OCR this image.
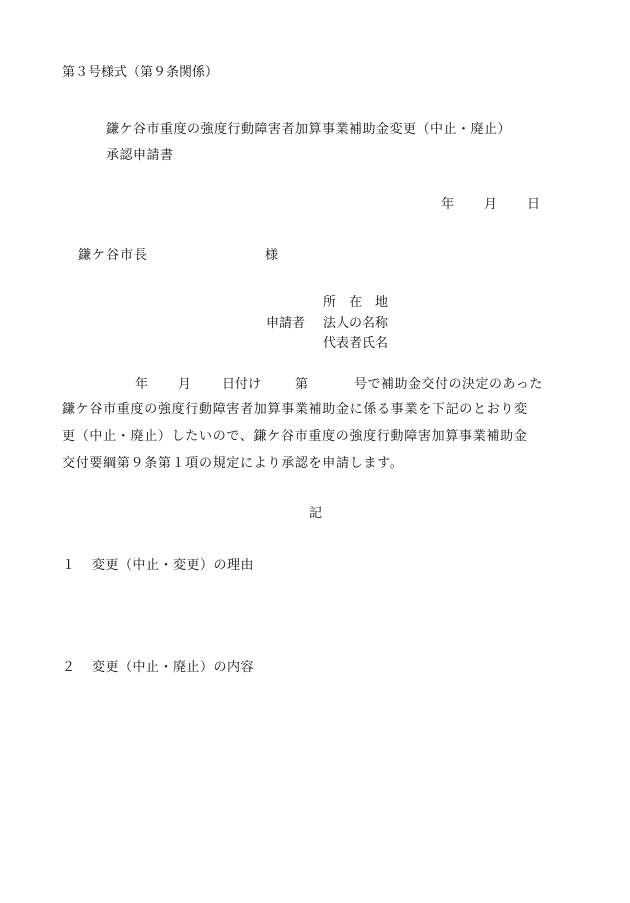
第３号様式（第９条関係）
鎌ケ谷市重度の強度行動障害者加算事業補助金変更（中止・廃止）
承認申請書
年 月 日
鎌ケ谷市長	様
所　在　地
申請者 法人の名称
代表者氏名
年 月 日付け	第	号で補助金交付の決定のあった
鎌ケ谷市重度の強度行動障害者加算事業補助金に係る事業を下記のとおり変
更（中止・廃止）したいので、鎌ケ谷市重度の強度行動障害加算事業補助金
交付要綱第９条第１項の規定により承認を申請します。
記
１ 変更（中止・変更）の理由
２ 変更（中止・廃止）の内容
